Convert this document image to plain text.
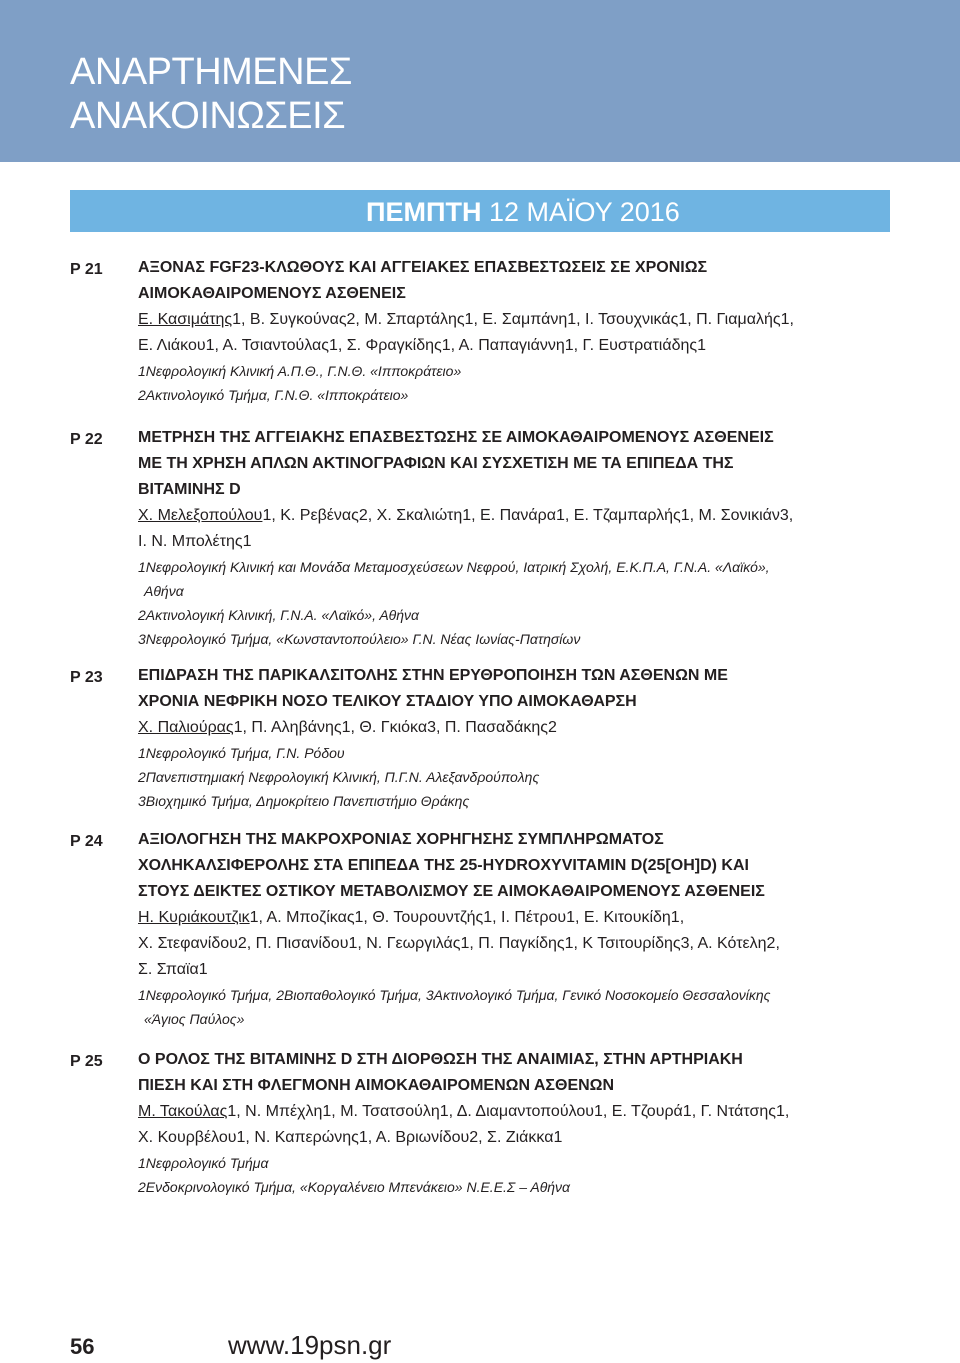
ΑΝΑΡΤΗΜΕΝΕΣ
ΑΝΑΚΟΙΝΩΣΕΙΣ
ΠΕΜΠΤΗ 12 ΜΑΪΟΥ 2016
P 21 ΑΞΟΝΑΣ FGF23-ΚΛΩΘΟΥΣ ΚΑΙ ΑΓΓΕΙΑΚΕΣ ΕΠΑΣΒΕΣΤΩΣΕΙΣ ΣΕ ΧΡΟΝΙΩΣ
ΑΙΜΟΚΑΘΑΙΡΟΜΕΝΟΥΣ ΑΣΘΕΝΕΙΣ
Ε. Κασιμάτης1, Β. Συγκούνας2, Μ. Σπαρτάλης1, Ε. Σαμπάνη1, Ι. Τσουχνικάς1, Π. Γιαμαλής1,
Ε. Λιάκου1, Α. Τσιαντούλας1, Σ. Φραγκίδης1, Α. Παπαγιάννη1, Γ. Ευστρατιάδης1
1Νεφρολογική Κλινική Α.Π.Θ., Γ.Ν.Θ. «Ιπποκράτειο»
2Ακτινολογικό Τμήμα, Γ.Ν.Θ. «Ιπποκράτειο»
P 22 ΜΕΤΡΗΣΗ ΤΗΣ ΑΓΓΕΙΑΚΗΣ ΕΠΑΣΒΕΣΤΩΣΗΣ ΣΕ ΑΙΜΟΚΑΘΑΙΡΟΜΕΝΟΥΣ ΑΣΘΕΝΕΙΣ
ΜΕ ΤΗ ΧΡΗΣΗ ΑΠΛΩΝ ΑΚΤΙΝΟΓΡΑΦΙΩΝ ΚΑΙ ΣΥΣΧΕΤΙΣΗ ΜΕ ΤΑ ΕΠΙΠΕΔΑ ΤΗΣ
ΒΙΤΑΜΙΝΗΣ D
Χ. Μελεξοπούλου1, Κ. Ρεβένας2, Χ. Σκαλιώτη1, Ε. Πανάρα1, Ε. Τζαμπαρλής1, Μ. Σονικιάν3,
Ι. Ν. Μπολέτης1
1Νεφρολογική Κλινική και Μονάδα Μεταμοσχεύσεων Νεφρού, Ιατρική Σχολή, Ε.Κ.Π.Α, Γ.Ν.Α. «Λαϊκό»,
Αθήνα
2Ακτινολογική Κλινική, Γ.Ν.Α. «Λαϊκό», Αθήνα
3Νεφρολογικό Τμήμα, «Κωνσταντοπούλειο» Γ.Ν. Νέας Ιωνίας-Πατησίων
P 23 ΕΠΙΔΡΑΣΗ ΤΗΣ ΠΑΡΙΚΑΛΣΙΤΟΛΗΣ ΣΤΗΝ ΕΡΥΘΡΟΠΟΙΗΣΗ ΤΩΝ ΑΣΘΕΝΩΝ ΜΕ
ΧΡΟΝΙΑ ΝΕΦΡΙΚΗ ΝΟΣΟ ΤΕΛΙΚΟΥ ΣΤΑΔΙΟΥ ΥΠΟ ΑΙΜΟΚΑΘΑΡΣΗ
Χ. Παλιούρας1, Π. Αληβάνης1, Θ. Γκιόκα3, Π. Πασαδάκης2
1Νεφρολογικό Τμήμα, Γ.Ν. Ρόδου
2Πανεπιστημιακή Νεφρολογική Κλινική, Π.Γ.Ν. Αλεξανδρούπολης
3Βιοχημικό Τμήμα, Δημοκρίτειο Πανεπιστήμιο Θράκης
P 24 ΑΞΙΟΛΟΓΗΣΗ ΤΗΣ ΜΑΚΡΟΧΡΟΝΙΑΣ ΧΟΡΗΓΗΣΗΣ ΣΥΜΠΛΗΡΩΜΑΤΟΣ
ΧΟΛΗΚΑΛΣΙΦΕΡΟΛΗΣ ΣΤΑ ΕΠΙΠΕΔΑ ΤΗΣ 25-HYDROXYVITAMIN D(25[OH]D) ΚΑΙ
ΣΤΟΥΣ ΔΕΙΚΤΕΣ ΟΣΤΙΚΟΥ ΜΕΤΑΒΟΛΙΣΜΟΥ ΣΕ ΑΙΜΟΚΑΘΑΙΡΟΜΕΝΟΥΣ ΑΣΘΕΝΕΙΣ
Η. Κυριάκουτζικ1, Α. Μποζίκας1, Θ. Τουρουντζής1, Ι. Πέτρου1, Ε. Κιτουκίδη1,
Χ. Στεφανίδου2, Π. Πισανίδου1, Ν. Γεωργιλάς1, Π. Παγκίδης1, Κ Τσιτουρίδης3, Α. Κότελη2,
Σ. Σπαϊα1
1Νεφρολογικό Τμήμα, 2Βιοπαθολογικό Τμήμα, 3Ακτινολογικό Τμήμα, Γενικό Νοσοκομείο Θεσσαλονίκης
«Άγιος Παύλος»
P 25 Ο ΡΟΛΟΣ ΤΗΣ ΒΙΤΑΜΙΝΗΣ D ΣΤΗ ΔΙΟΡΘΩΣΗ ΤΗΣ ΑΝΑΙΜΙΑΣ, ΣΤΗΝ ΑΡΤΗΡΙΑΚΗ
ΠΙΕΣΗ ΚΑΙ ΣΤΗ ΦΛΕΓΜΟΝΗ ΑΙΜΟΚΑΘΑΙΡΟΜΕΝΩΝ ΑΣΘΕΝΩΝ
Μ. Τακούλας1, Ν. Μπέχλη1, Μ. Τσατσούλη1, Δ. Διαμαντοπούλου1, Ε. Τζουρά1, Γ. Ντάτσης1,
Χ. Κουρβέλου1, Ν. Καπερώνης1, Α. Βριωνίδου2, Σ. Ζιάκκα1
1Νεφρολογικό Τμήμα
2Ενδοκρινολογικό Τμήμα, «Κοργαλένειο Μπενάκειο» Ν.Ε.Ε.Σ – Αθήνα
56	www.19psn.gr
